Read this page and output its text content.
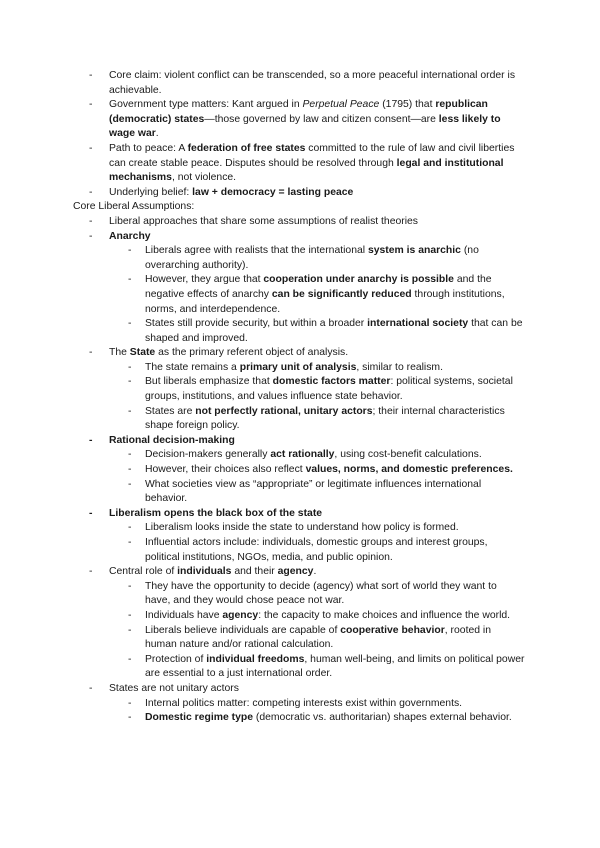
- Core claim: violent conflict can be transcended, so a more peaceful international order is achievable.
- Government type matters: Kant argued in Perpetual Peace (1795) that republican (democratic) states—those governed by law and citizen consent—are less likely to wage war.
- Path to peace: A federation of free states committed to the rule of law and civil liberties can create stable peace. Disputes should be resolved through legal and institutional mechanisms, not violence.
- Underlying belief: law + democracy = lasting peace
Core Liberal Assumptions:
- Liberal approaches that share some assumptions of realist theories
- Anarchy
- Liberals agree with realists that the international system is anarchic (no overarching authority).
- However, they argue that cooperation under anarchy is possible and the negative effects of anarchy can be significantly reduced through institutions, norms, and interdependence.
- States still provide security, but within a broader international society that can be shaped and improved.
- The State as the primary referent object of analysis.
- The state remains a primary unit of analysis, similar to realism.
- But liberals emphasize that domestic factors matter: political systems, societal groups, institutions, and values influence state behavior.
- States are not perfectly rational, unitary actors; their internal characteristics shape foreign policy.
- Rational decision-making
- Decision-makers generally act rationally, using cost-benefit calculations.
- However, their choices also reflect values, norms, and domestic preferences.
- What societies view as “appropriate” or legitimate influences international behavior.
- Liberalism opens the black box of the state
- Liberalism looks inside the state to understand how policy is formed.
- Influential actors include: individuals, domestic groups and interest groups, political institutions, NGOs, media, and public opinion.
- Central role of individuals and their agency.
- They have the opportunity to decide (agency) what sort of world they want to have, and they would chose peace not war.
- Individuals have agency: the capacity to make choices and influence the world.
- Liberals believe individuals are capable of cooperative behavior, rooted in human nature and/or rational calculation.
- Protection of individual freedoms, human well-being, and limits on political power are essential to a just international order.
- States are not unitary actors
- Internal politics matter: competing interests exist within governments.
- Domestic regime type (democratic vs. authoritarian) shapes external behavior.
